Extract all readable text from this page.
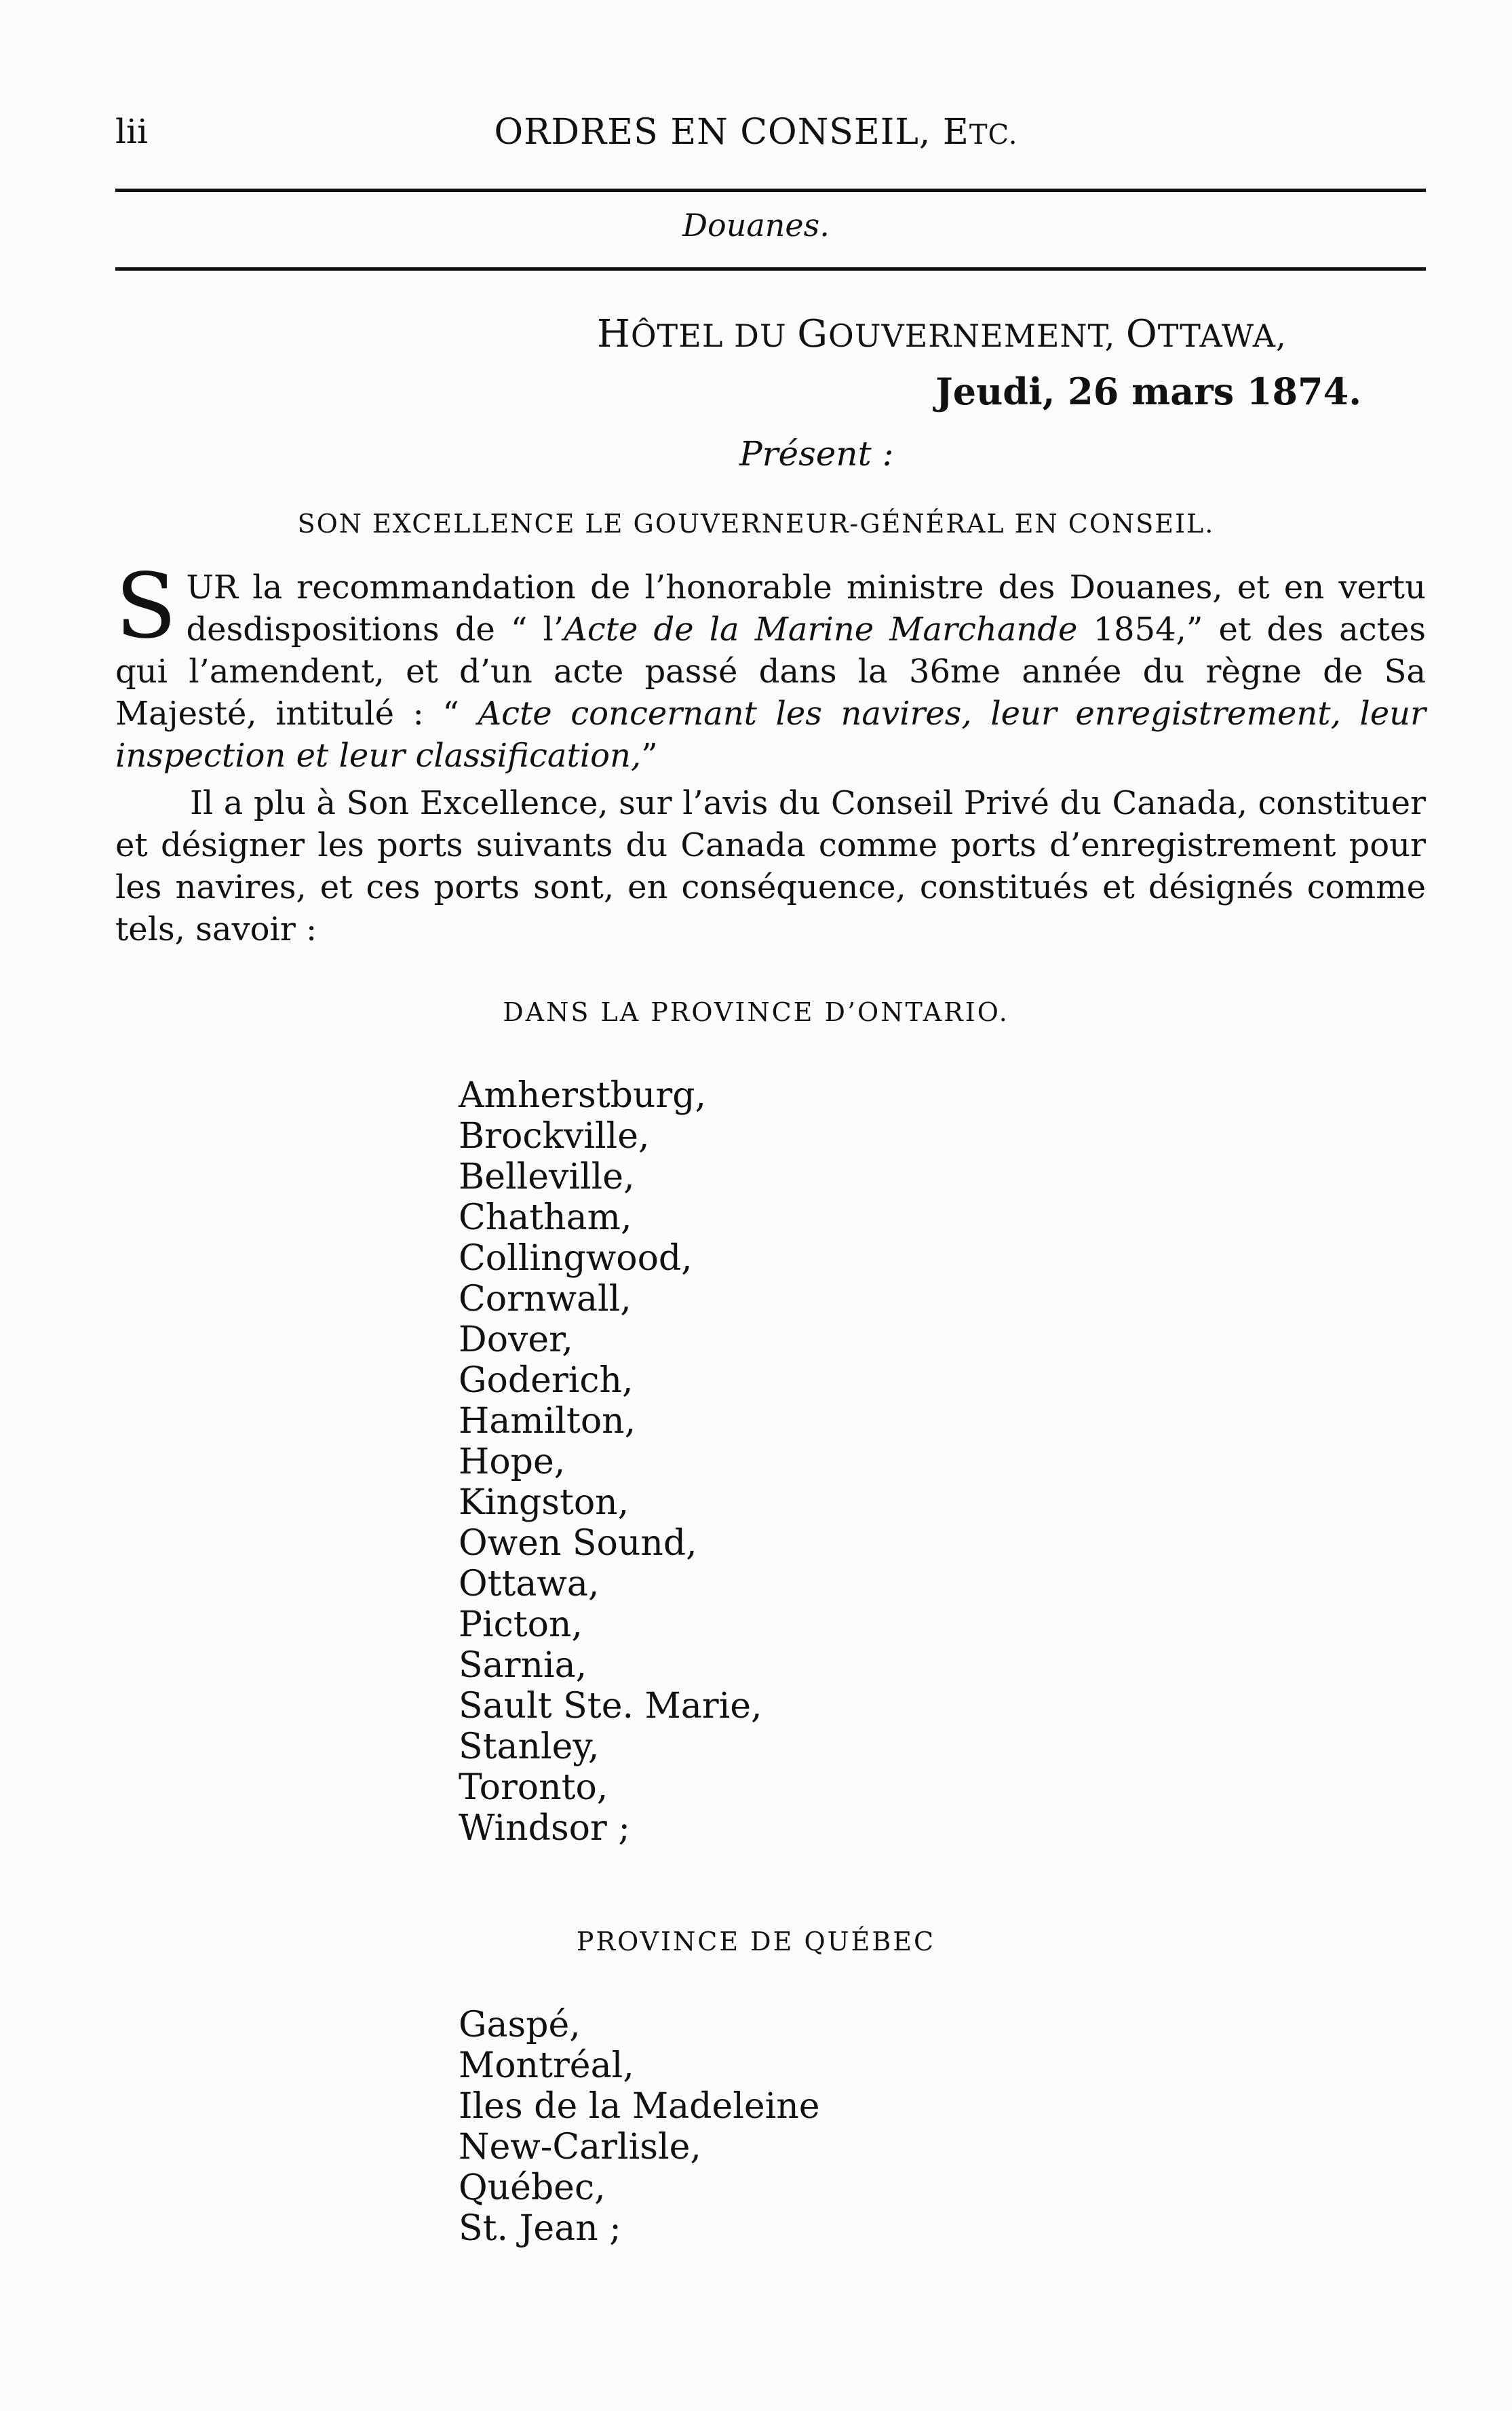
lii	ORDRES EN CONSEIL, ETC.
Douanes.
HÔTEL DU GOUVERNEMENT, OTTAWA,
Jeudi, 26 mars 1874.
Présent :
SON EXCELLENCE LE GOUVERNEUR-GÉNÉRAL EN CONSEIL.

SUR la recommandation de l’honorable ministre des Douanes, et en vertu desdispositions de “ l’Acte de la Marine Marchande 1854,” et des actes qui l’amendent, et d’un acte passé dans la 36me année du règne de Sa Majesté, intitulé : “ Acte concernant les navires, leur enregistrement, leur inspection et leur classification,”

Il a plu à Son Excellence, sur l’avis du Conseil Privé du Canada, constituer et désigner les ports suivants du Canada comme ports d’enregistrement pour les navires, et ces ports sont, en conséquence, constitués et désignés comme tels, savoir :

DANS LA PROVINCE D’ONTARIO.
Amherstburg,
Brockville,
Belleville,
Chatham,
Collingwood,
Cornwall,
Dover,
Goderich,
Hamilton,
Hope,
Kingston,
Owen Sound,
Ottawa,
Picton,
Sarnia,
Sault Ste. Marie,
Stanley,
Toronto,
Windsor ;
PROVINCE DE QUÉBEC
Gaspé,
Montréal,
Iles de la Madeleine
New-Carlisle,
Québec,
St. Jean ;
